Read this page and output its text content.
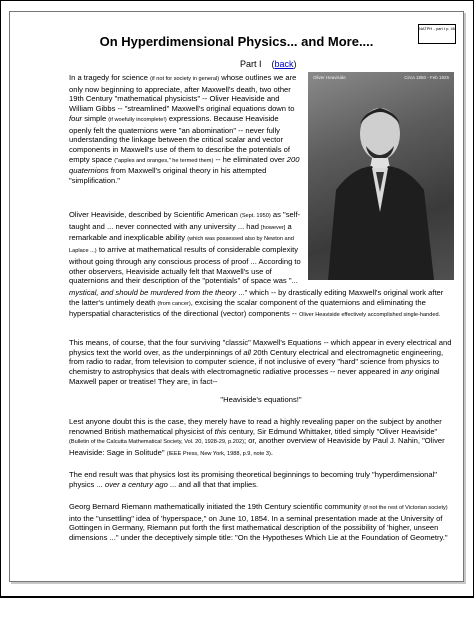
NATPH - part I p. 46
On Hyperdimensional Physics... and More....
Part I    (back)
Oliver Heaviside	Circa 1850 - Feb 1925

In a tragedy for science (if not for society in general) whose outlines we are only now beginning to appreciate, after Maxwell's death, two other 19th Century "mathematical physicists" -- Oliver Heaviside and William Gibbs -- "streamlined" Maxwell's original equations down to four simple (if woefully incomplete!) expressions. Because Heaviside openly felt the quaternions were "an abomination" -- never fully understanding the linkage between the critical scalar and vector components in Maxwell's use of them to describe the potentials of empty space ("apples and oranges," he termed them) -- he eliminated over 200 quaternions from Maxwell's original theory in his attempted "simplification."

Oliver Heaviside, described by Scientific American (Sept. 1950) as "self-taught and ... never connected with any university ... had [however] a remarkable and inexplicable ability (which was possessed also by Newton and Laplace ...) to arrive at mathematical results of considerable complexity without going through any conscious process of proof ... According to other observers, Heaviside actually felt that Maxwell's use of quaternions and their description of the "potentials" of space was "...

mystical, and should be murdered from the theory ..." which -- by drastically editing Maxwell's original work after the latter's untimely death (from cancer), excising the scalar component of the quaternions and eliminating the hyperspatial characteristics of the directional (vector) components -- Oliver Heaviside effectively accomplished single-handed.

This means, of course, that the four surviving "classic" Maxwell's Equations -- which appear in every electrical and physics text the world over, as the underpinnings of all 20th Century electrical and electromagnetic engineering, from radio to radar, from television to computer science, if not inclusive of every "hard" science from physics to chemistry to astrophysics that deals with electromagnetic radiative processes -- never appeared in any original Maxwell paper or treatise! They are, in fact--

"Heaviside's equations!"

Lest anyone doubt this is the case, they merely have to read a highly revealing paper on the subject by another renowned British mathematical physicist of this century, Sir Edmund Whittaker, titled simply "Oliver Heaviside" (Bulletin of the Calcutta Mathematical Society, Vol. 20, 1928-29, p.202); or, another overview of Heaviside by Paul J. Nahin, "Oliver Heaviside: Sage in Solitude" (IEEE Press, New York, 1988, p.9, note 3).

The end result was that physics lost its promising theoretical beginnings to becoming truly "hyperdimensional" physics ... over a century ago ... and all that that implies.

Georg Bernard Riemann mathematically initiated the 19th Century scientific community (if not the rest of Victorian society) into the "unsettling" idea of 'hyperspace," on June 10, 1854. In a seminal presentation made at the University of Gottingen in Germany, Riemann put forth the first mathematical description of the possibility of 'higher, unseen dimensions ..." under the deceptively simple title: "On the Hypotheses Which Lie at the Foundation of Geometry."
